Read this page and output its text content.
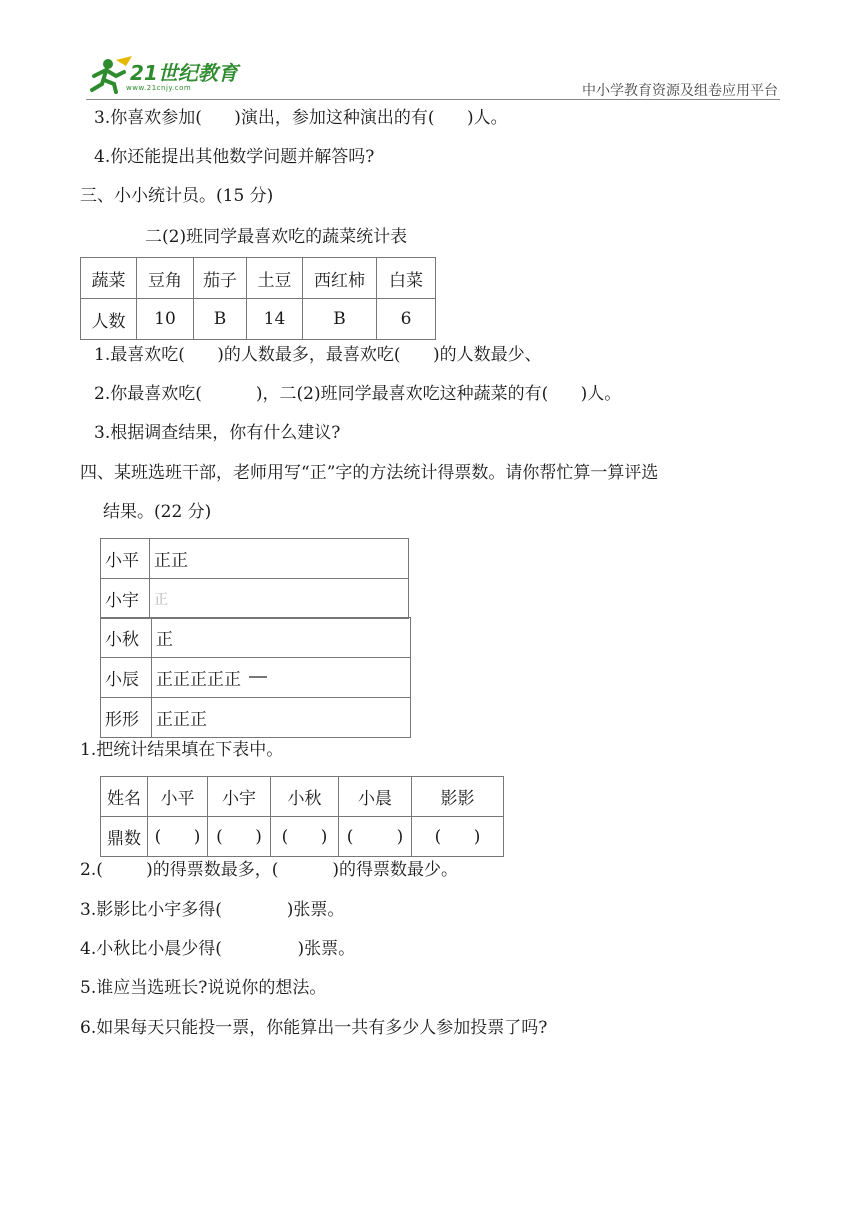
21世纪教育
www.21cnjy.com	中小学教育资源及组卷应用平台
3.你喜欢参加(      )演出，参加这种演出的有(      )人。
4.你还能提出其他数学问题并解答吗?
三、小小统计员。(15 分)
二(2)班同学最喜欢吃的蔬菜统计表
蔬菜	豆角	茄子	土豆	西红柿	白菜
人数	10	B	14	B	6
1.最喜欢吃(      )的人数最多，最喜欢吃(      )的人数最少、
2.你最喜欢吃(          )，二(2)班同学最喜欢吃这种蔬菜的有(      )人。
3.根据调查结果，你有什么建议?
四、某班选班干部，老师用写“正”字的方法统计得票数。请你帮忙算一算评选
结果。(22 分)
小平	正正
小宇	正
小秋	正
小辰	正正正正正
形形	正正正
1.把统计结果填在下表中。
姓名	小平	小宇	小秋	小晨	影影
鼎数	(      )	(      )	(      )	(        )	(      )
2.(        )的得票数最多，(          )的得票数最少。
3.影影比小宇多得(            )张票。
4.小秋比小晨少得(              )张票。
5.谁应当选班长?说说你的想法。
6.如果每天只能投一票，你能算出一共有多少人参加投票了吗?
